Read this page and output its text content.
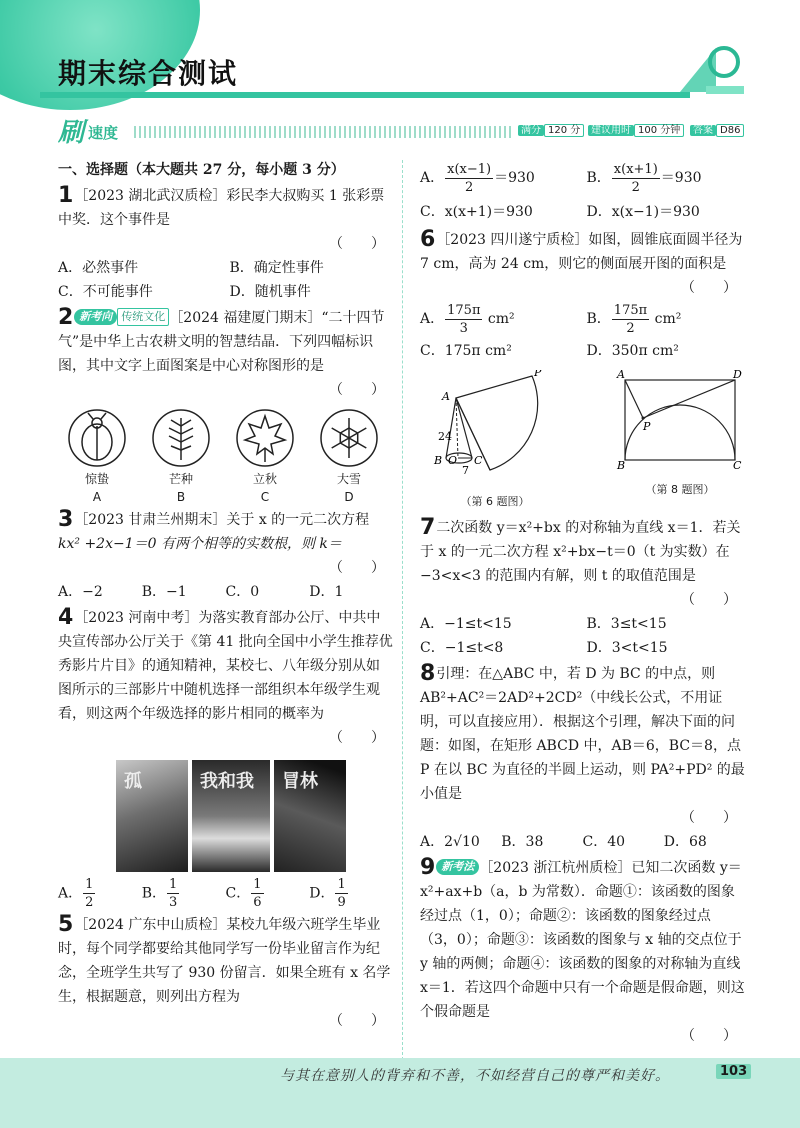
期末综合测试
刷 速度	满分 120 分	建议用时 100 分钟	答案 D86
一、选择题（本大题共 27 分，每小题 3 分）
1［2023 湖北武汉质检］彩民李大叔购买 1 张彩票中奖．这个事件是
（　　）
A．必然事件	B．确定性事件
C．不可能事件	D．随机事件
2 新考向 传统文化 ［2024 福建厦门期末］“二十四节气”是中华上古农耕文明的智慧结晶．下列四幅标识图，其中文字上面图案是中心对称图形的是
（　　）
惊蛰
A
芒种
B
立秋
C
大雪
D
3［2023 甘肃兰州期末］关于 x 的一元二次方程
kx² +2x−1＝0 有两个相等的实数根，则 k＝
（　　）
A．−2	B．−1	C．0	D．1
4［2023 河南中考］为落实教育部办公厅、中共中央宣传部办公厅关于《第 41 批向全国中小学生推荐优秀影片片目》的通知精神，某校七、八年级分别从如图所示的三部影片中随机选择一部组织本年级学生观看，则这两个年级选择的影片相同的概率为
（　　）
孤	我和我 冒林
A． $\frac{1}{2}$	B． $\frac{1}{3}$	C． $\frac{1}{6}$	D． $\frac{1}{9}$
5［2024 广东中山质检］某校九年级六班学生毕业时，每个同学都要给其他同学写一份毕业留言作为纪念，全班学生共写了 930 份留言．如果全班有 x 名学生，根据题意，则列出方程为
（　　）
A． $\frac{x(x-1)}{2} =930$	B． $\frac{x(x+1)}{2} =930$
C．x(x+1)＝930	D．x(x−1)＝930
6［2023 四川遂宁质检］如图，圆锥底面圆半径为 7 cm，高为 24 cm，则它的侧面展开图的面积是
（　　）
A． $\frac{175\pi}{3} cm^2$	B． $\frac{175\pi}{2} cm^2$
C．175π cm²	D．350π cm²
A
P
24
B O
7
C
（第 6 题图）
A	D
P
B	C
（第 8 题图）
7二次函数 y＝x²+bx 的对称轴为直线 x＝1．若关于 x 的一元二次方程 x²+bx−t＝0（t 为实数）在−3<x<3 的范围内有解，则 t 的取值范围是
（　　）
A．−1≤t<15	B．3≤t<15
C．−1≤t<8	D．3<t<15
8引理：在△ABC 中，若 D 为 BC 的中点，则 AB²+AC²＝2AD²+2CD²（中线长公式，不用证明，可以直接应用）．根据这个引理，解决下面的问题：如图，在矩形 ABCD 中，AB＝6，BC＝8，点 P 在以 BC 为直径的半圆上运动，则 PA²+PD² 的最小值是
（　　）
A．2√10	B．38	C．40	D．68
9 新考法 ［2023 浙江杭州质检］已知二次函数 y＝x²+ax+b（a，b 为常数）．命题①：该函数的图象经过点（1，0）；命题②：该函数的图象经过点（3，0）；命题③：该函数的图象与 x 轴的交点位于 y 轴的两侧；命题④：该函数的图象的对称轴为直线 x＝1．若这四个命题中只有一个命题是假命题，则这个假命题是
（　　）
与其在意别人的背弃和不善，不如经营自己的尊严和美好。	103
